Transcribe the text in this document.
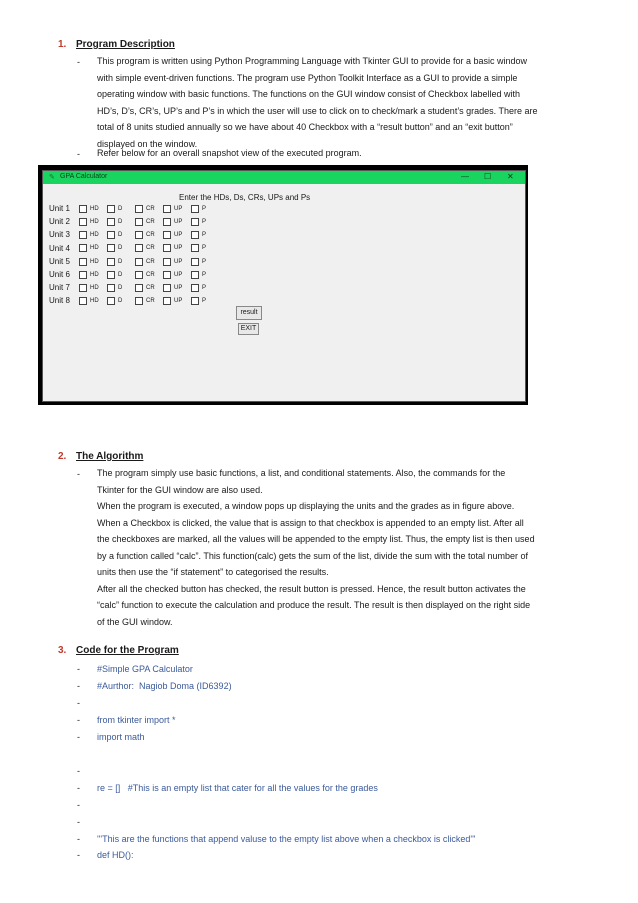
1. Program Description
- This program is written using Python Programming Language with Tkinter GUI to provide for a basic window

with simple event-driven functions. The program use Python Toolkit Interface as a GUI to provide a simple

operating window with basic functions. The functions on the GUI window consist of Checkbox labelled with

HD’s, D’s, CR’s, UP’s and P’s in which the user will use to click on to check/mark a student’s grades. There are

total of 8 units studied annually so we have about 40 Checkbox with a “result button” and an “exit button”

displayed on the window.

- Refer below for an overall snapshot view of the executed program.
✎ GPA Calculator	— ☐ ✕
Enter the HDs, Ds, CRs, UPs and Ps
Unit 1	HD	D	CR	UP	P
Unit 2	HD	D	CR	UP	P
Unit 3	HD	D	CR	UP	P
Unit 4	HD	D	CR	UP	P
Unit 5	HD	D	CR	UP	P
Unit 6	HD	D	CR	UP	P
Unit 7	HD	D	CR	UP	P
Unit 8	HD	D	CR	UP	P
result
EXIT
2. The Algorithm
- The program simply use basic functions, a list, and conditional statements. Also, the commands for the

Tkinter for the GUI window are also used.

When the program is executed, a window pops up displaying the units and the grades as in figure above.

When a Checkbox is clicked, the value that is assign to that checkbox is appended to an empty list. After all

the checkboxes are marked, all the values will be appended to the empty list. Thus, the empty list is then used

by a function called “calc”. This function(calc) gets the sum of the list, divide the sum with the total number of

units then use the “if statement” to categorised the results.

After all the checked button has checked, the result button is pressed. Hence, the result button activates the

“calc” function to execute the calculation and produce the result. The result is then displayed on the right side

of the GUI window.

3. Code for the Program
- #Simple GPA Calculator
- #Aurthor:  Nagiob Doma (ID6392)
-
- from tkinter import *
- import math
-
- re = []   #This is an empty list that cater for all the values for the grades
-
-
- '''This are the functions that append valuse to the empty list above when a checkbox is clicked'''
- def HD():
